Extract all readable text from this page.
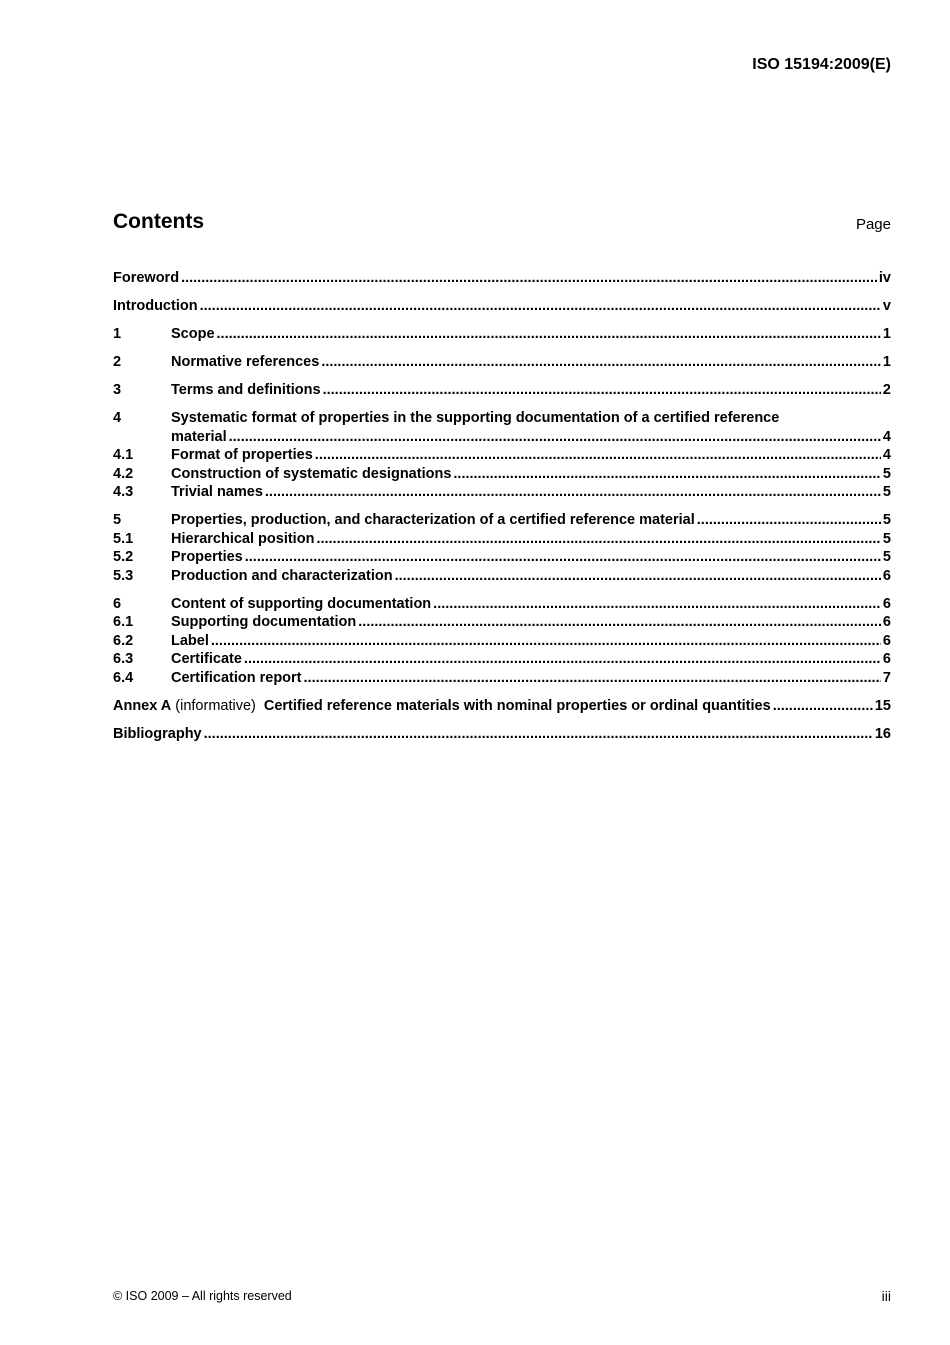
ISO 15194:2009(E)
Contents	Page
Foreword .....	iv
Introduction .....	v
1	Scope .....	1
2	Normative references .....	1
3	Terms and definitions .....	2
4	Systematic format of properties in the supporting documentation of a certified reference
material .....	4
4.1	Format of properties .....	4
4.2	Construction of systematic designations .....	5
4.3	Trivial names .....	5
5	Properties, production, and characterization of a certified reference material .....	5
5.1	Hierarchical position .....	5
5.2	Properties .....	5
5.3	Production and characterization .....	6
6	Content of supporting documentation .....	6
6.1	Supporting documentation .....	6
6.2	Label .....	6
6.3	Certificate .....	6
6.4	Certification report .....	7
Annex A (informative) Certified reference materials with nominal properties or ordinal quantities .....	15
Bibliography .....	16
© ISO 2009 – All rights reserved	iii
